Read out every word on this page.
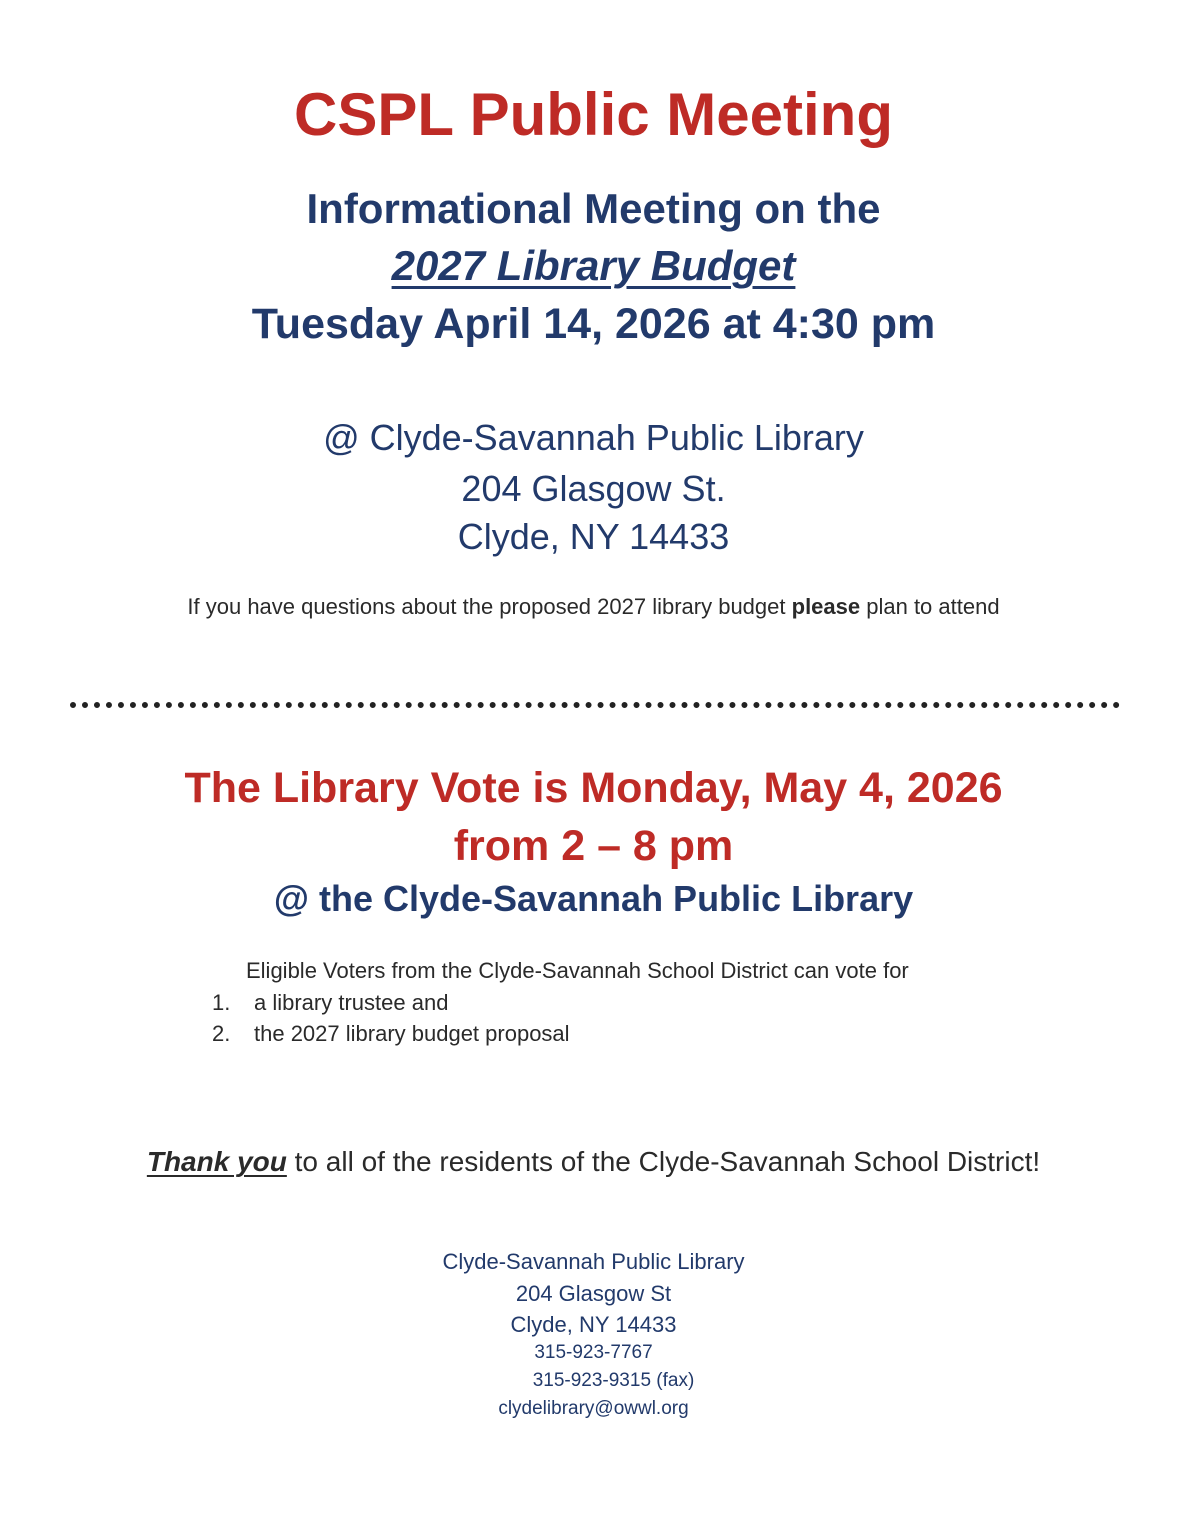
CSPL Public Meeting
Informational Meeting on the
2027 Library Budget
Tuesday April 14, 2026 at 4:30 pm
@ Clyde-Savannah Public Library
204 Glasgow St.
Clyde, NY 14433
If you have questions about the proposed 2027 library budget please plan to attend
The Library Vote is Monday, May 4, 2026
from 2 – 8 pm
@ the Clyde-Savannah Public Library
Eligible Voters from the Clyde-Savannah School District can vote for
1. a library trustee and
2. the 2027 library budget proposal
Thank you to all of the residents of the Clyde-Savannah School District!
Clyde-Savannah Public Library
204 Glasgow St
Clyde, NY 14433
315-923-7767
315-923-9315 (fax)
clydelibrary@owwl.org
